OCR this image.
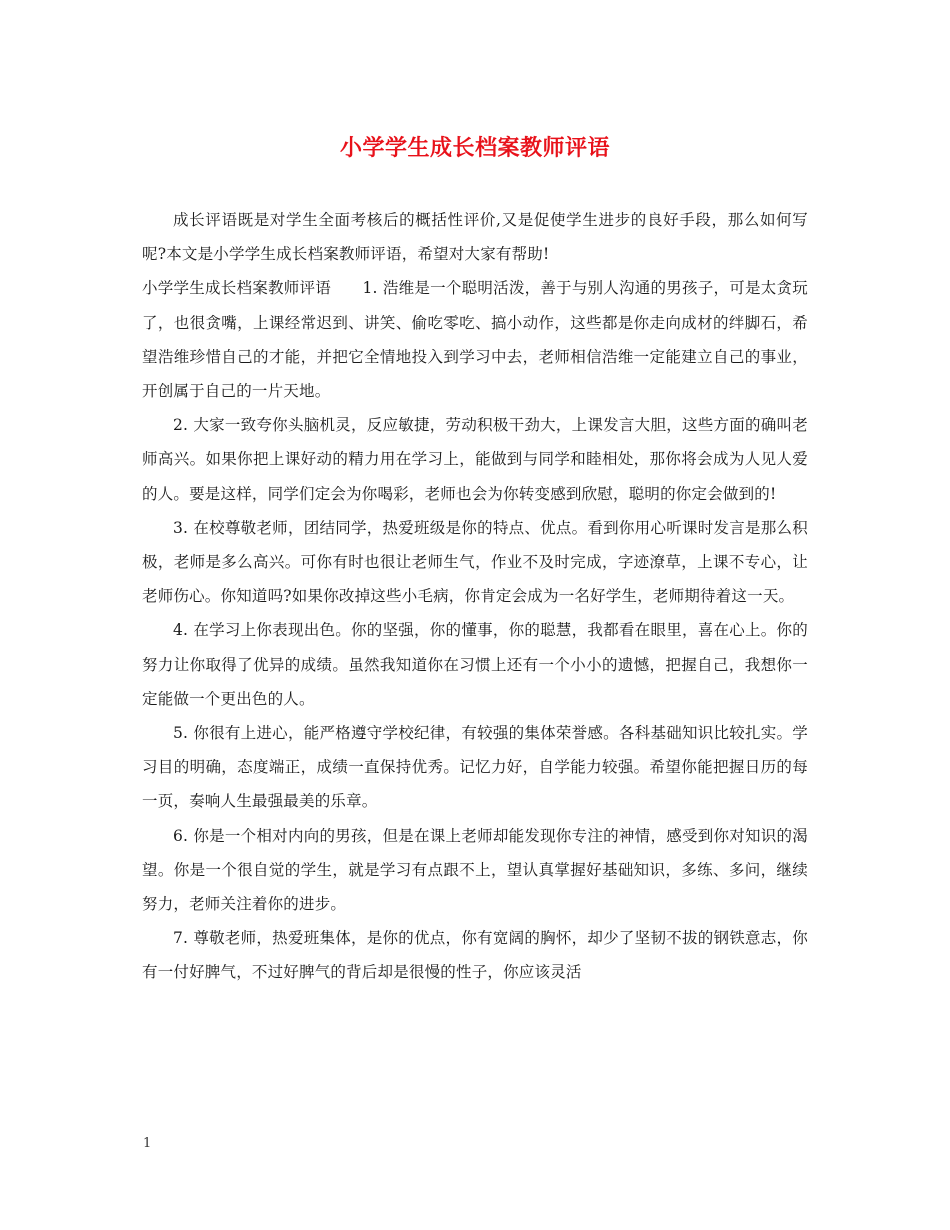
小学学生成长档案教师评语

成长评语既是对学生全面考核后的概括性评价,又是促使学生进步的良好手段，那么如何写呢?本文是小学学生成长档案教师评语，希望对大家有帮助!

小学学生成长档案教师评语　　1. 浩维是一个聪明活泼，善于与别人沟通的男孩子，可是太贪玩了，也很贪嘴，上课经常迟到、讲笑、偷吃零吃、搞小动作，这些都是你走向成材的绊脚石，希望浩维珍惜自己的才能，并把它全情地投入到学习中去，老师相信浩维一定能建立自己的事业，开创属于自己的一片天地。

2. 大家一致夸你头脑机灵，反应敏捷，劳动积极干劲大，上课发言大胆，这些方面的确叫老师高兴。如果你把上课好动的精力用在学习上，能做到与同学和睦相处，那你将会成为人见人爱的人。要是这样，同学们定会为你喝彩，老师也会为你转变感到欣慰，聪明的你定会做到的!

3. 在校尊敬老师，团结同学，热爱班级是你的特点、优点。看到你用心听课时发言是那么积极，老师是多么高兴。可你有时也很让老师生气，作业不及时完成，字迹潦草，上课不专心，让老师伤心。你知道吗?如果你改掉这些小毛病，你肯定会成为一名好学生，老师期待着这一天。

4. 在学习上你表现出色。你的坚强，你的懂事，你的聪慧，我都看在眼里，喜在心上。你的努力让你取得了优异的成绩。虽然我知道你在习惯上还有一个小小的遗憾，把握自己，我想你一定能做一个更出色的人。

5. 你很有上进心，能严格遵守学校纪律，有较强的集体荣誉感。各科基础知识比较扎实。学习目的明确，态度端正，成绩一直保持优秀。记忆力好，自学能力较强。希望你能把握日历的每一页，奏响人生最强最美的乐章。

6. 你是一个相对内向的男孩，但是在课上老师却能发现你专注的神情，感受到你对知识的渴望。你是一个很自觉的学生，就是学习有点跟不上，望认真掌握好基础知识，多练、多问，继续努力，老师关注着你的进步。

7. 尊敬老师，热爱班集体，是你的优点，你有宽阔的胸怀，却少了坚韧不拔的钢铁意志，你有一付好脾气，不过好脾气的背后却是很慢的性子，你应该灵活

1
